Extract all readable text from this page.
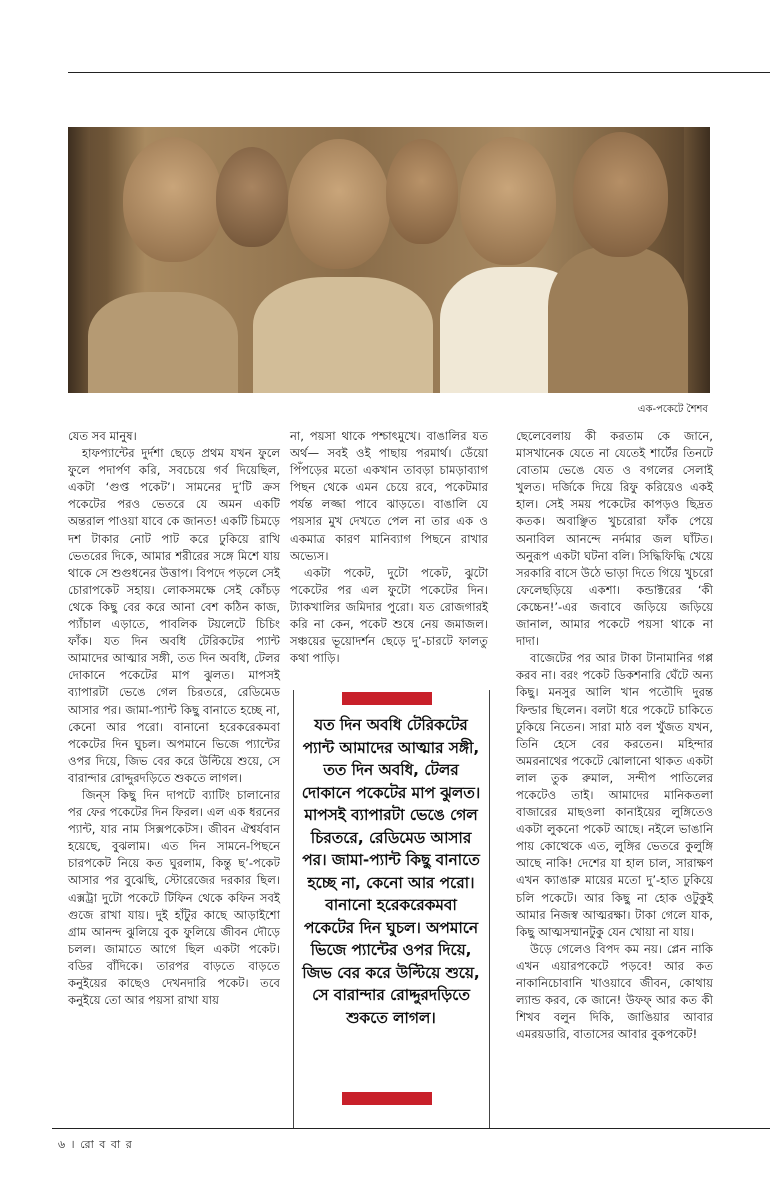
এক-পকেটে শৈশব

যেত সব মানুষ।

হাফপ্যান্টের দুর্দশা ছেড়ে প্রথম যখন ফুলে ফুলে পদার্পণ করি, সবচেয়ে গর্ব দিয়েছিল, একটা ‘গুপ্ত পকেট’। সামনের দু’টি ক্রস পকেটের পরও ভেতরে যে অমন একটি অন্তরাল পাওয়া যাবে কে জানত! একটি চিমড়ে দশ টাকার নোট পাট করে ঢুকিয়ে রাখি ভেতরের দিকে, আমার শরীরের সঙ্গে মিশে যায় থাকে সে শুগুধনের উত্তাপ। বিপদে পড়লে সেই চোরাপকেট সহায়। লোকসমক্ষে সেই কোঁচড় থেকে কিছু বের করে আনা বেশ কঠিন কাজ, প্যাঁচাল এড়াতে, পাবলিক টয়লেটে চিচিং ফাঁক। যত দিন অবধি টেরিকটের প্যান্ট আমাদের আত্মার সঙ্গী, তত দিন অবধি, টেলর দোকানে পকেটের মাপ ঝুলত। মাপসই ব্যাপারটা ভেঙে গেল চিরতরে, রেডিমেড আসার পর। জামা-প্যান্ট কিছু বানাতে হচ্ছে না, কেনো আর পরো। বানানো হরেকরেকমবা পকেটের দিন ঘুচল। অপমানে ভিজে প্যান্টের ওপর দিয়ে, জিভ বের করে উল্টিয়ে শুয়ে, সে বারান্দার রোদ্দুরদড়িতে শুকতে লাগল।

জিন্‌স কিছু দিন দাপটে ব্যাটিং চালানোর পর ফের পকেটের দিন ফিরল। এল এক ধরনের প্যান্ট, যার নাম সিক্সপকেটস। জীবন ঐশ্বর্যবান হয়েছে, বুঝলাম। এত দিন সামনে-পিছনে চারপকেট নিয়ে কত ঘুরলাম, কিন্তু ছ’-পকেট আসার পর বুঝেছি, স্টোরেজের দরকার ছিল। এক্সট্রা দুটো পকেটে টিফিন থেকে কফিন সবই গুজে রাখা যায়। দুই হাঁটুর কাছে আড়াইশো গ্রাম আনন্দ ঝুলিয়ে বুক ফুলিয়ে জীবন দৌড়ে চলল। জামাতে আগে ছিল একটা পকেট। বডির বাঁদিকে। তারপর বাড়তে বাড়তে কনুইয়ের কাছেও দেখনদারি পকেট। তবে কনুইয়ে তো আর পয়সা রাখা যায়

না, পয়সা থাকে পশ্চাৎমুখে। বাঙালির যত অর্থ— সবই ওই পাছায় পরমার্থ। ডেঁয়ো পিঁপড়ের মতো একখান তাবড়া চামড়াব্যাগ পিছন থেকে এমন চেয়ে রবে, পকেটমার পর্যন্ত লজ্জা পাবে ঝাড়তে। বাঙালি যে পয়সার মুখ দেখতে পেল না তার এক ও একমাত্র কারণ মানিব্যাগ পিছনে রাখার অভ্যেস।

একটা পকেট, দুটো পকেট, ঝুটো পকেটের পর এল ফুটো পকেটের দিন। ট্যাকখালির জমিদার পুরো। যত রোজগারই করি না কেন, পকেট শুষে নেয় জমাজল। সঞ্চয়ের ভূয়োদর্শন ছেড়ে দু’-চারটে ফালতু কথা পাড়ি।

যত দিন অবধি টেরিকটের প্যান্ট আমাদের আত্মার সঙ্গী, তত দিন অবধি, টেলর দোকানে পকেটের মাপ ঝুলত। মাপসই ব্যাপারটা ভেঙে গেল চিরতরে, রেডিমেড আসার পর। জামা-প্যান্ট কিছু বানাতে হচ্ছে না, কেনো আর পরো। বানানো হরেকরেকমবা পকেটের দিন ঘুচল। অপমানে ভিজে প্যান্টের ওপর দিয়ে, জিভ বের করে উল্টিয়ে শুয়ে, সে বারান্দার রোদ্দুরদড়িতে শুকতে লাগল।

ছেলেবেলায় কী করতাম কে জানে, মাসখানেক যেতে না যেতেই শার্টের তিনটে বোতাম ভেঙে যেত ও বগলের সেলাই খুলত। দর্জিকে দিয়ে রিফু করিয়েও একই হাল। সেই সময় পকেটের কাপড়ও ছিদ্রত কতক। অবাঞ্ছিত খুচরোরা ফাঁক পেয়ে অনাবিল আনন্দে নর্দমার জল ঘাঁটত। অনুরূপ একটা ঘটনা বলি। সিদ্ধিফিদ্ধি খেয়ে সরকারি বাসে উঠে ভাড়া দিতে গিয়ে খুচরো ফেলেছড়িয়ে একশা। কন্ডাক্টরের ‘কী কেচ্চেন!’-এর জবাবে জড়িয়ে জড়িয়ে জানাল, আমার পকেটে পয়সা থাকে না দাদা।

বাজেটের পর আর টাকা টানামানির গপ্প করব না। বরং পকেট ডিকশনারি ঘেঁটে অন্য কিছু। মনসুর আলি খান পতৌদি দুরন্ত ফিল্ডার ছিলেন। বলটা ধরে পকেটে চাকিতে ঢুকিয়ে নিতেন। সারা মাঠ বল খুঁজত যখন, তিনি হেসে বের করতেন। মহিন্দার অমরনাথের পকেটে ঝোলানো থাকত একটা লাল তুক রুমাল, সন্দীপ পাতিলের পকেটেও তাই। আমাদের মানিকতলা বাজারের মাছওলা কানাইয়ের লুঙ্গিতেও একটা লুকনো পকেট আছে। নইলে ভাঙানি পায় কোত্থেকে এত, লুঙ্গির ভেতরে কুলুঙ্গি আছে নাকি! দেশের যা হাল চাল, সারাক্ষণ এখন ক্যাঙারু মায়ের মতো দু’-হাত ঢুকিয়ে চলি পকেটে। আর কিছু না হোক ওটুকুই আমার নিজস্ব আত্মরক্ষা। টাকা গেলে যাক, কিছু আত্মসম্মানটুকু যেন খোয়া না যায়।

উড়ে গেলেও বিপদ কম নয়। প্লেন নাকি এখন এয়ারপকেটে পড়বে! আর কত নাকানিচোবানি খাওয়াবে জীবন, কোথায় ল্যান্ড করব, কে জানে! উফফ্ আর কত কী শিখব বলুন দিকি, জাঙিয়ার আবার এমরয়ডারি, বাতাসের আবার বুকপকেট!

৬ । রো ব বা র
